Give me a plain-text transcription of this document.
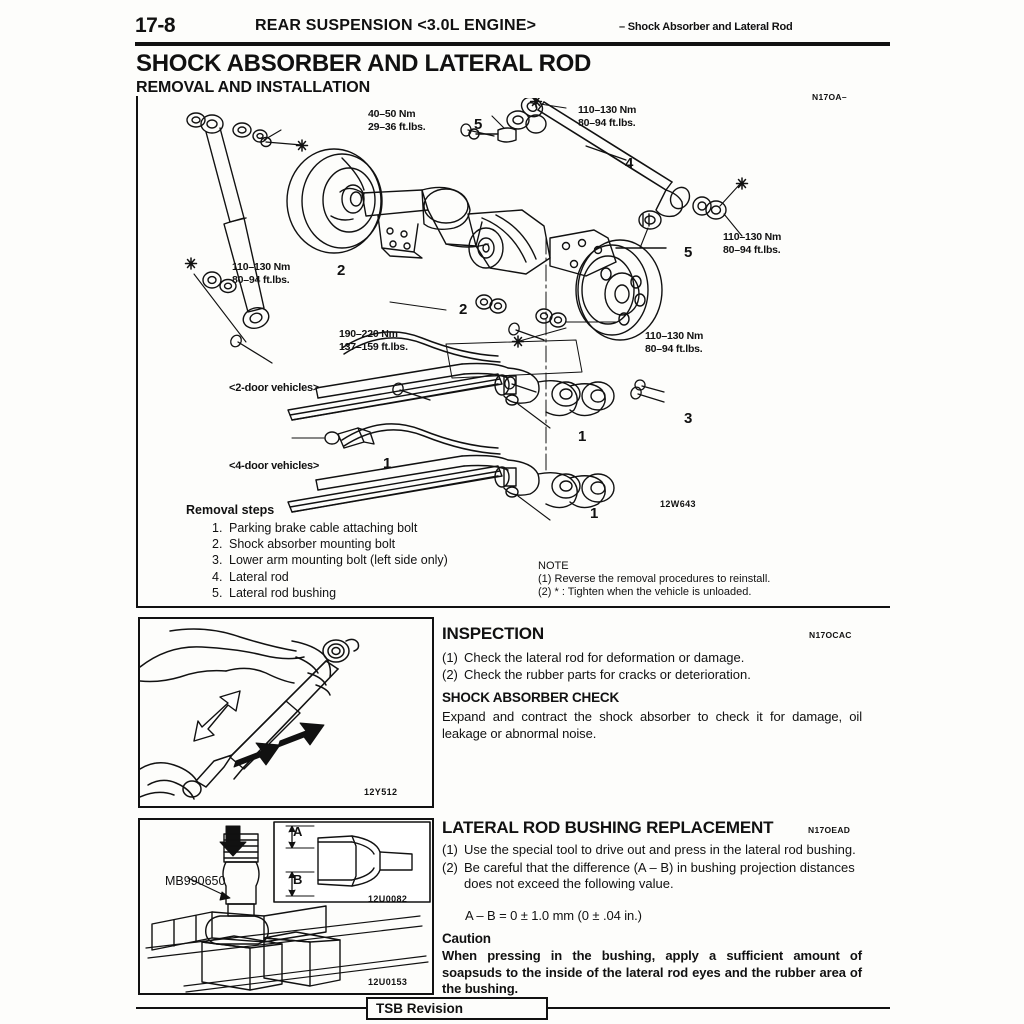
17-8	REAR SUSPENSION <3.0L ENGINE>	– Shock Absorber and Lateral Rod
SHOCK ABSORBER AND LATERAL ROD
REMOVAL AND INSTALLATION
N17OA–
40–50 Nm
29–36 ft.lbs.
110–130 Nm
80–94 ft.lbs.
110–130 Nm
80–94 ft.lbs.
110–130 Nm
80–94 ft.lbs.
190–220 Nm
137–159 ft.lbs.
110–130 Nm
80–94 ft.lbs.
5
4
5
2
2
1
1
1
3
<2-door vehicles>
<4-door vehicles>
12W643
Removal steps
1. Parking brake cable attaching bolt
2. Shock absorber mounting bolt
3. Lower arm mounting bolt (left side only)
4. Lateral rod
5. Lateral rod bushing
NOTE
(1) Reverse the removal procedures to reinstall.
(2) * : Tighten when the vehicle is unloaded.
12Y512
INSPECTION	N17OCAC
(1) Check the lateral rod for deformation or damage.
(2) Check the rubber parts for cracks or deterioration.
SHOCK ABSORBER CHECK
Expand and contract the shock absorber to check it for damage, oil leakage or abnormal noise.
A
B
MB990650
12U0082
12U0153
LATERAL ROD BUSHING REPLACEMENT	N17OEAD
(1) Use the special tool to drive out and press in the lateral rod bushing.
(2) Be careful that the difference (A – B) in bushing projection distances does not exceed the following value.
A – B = 0 ± 1.0 mm (0 ± .04 in.)
Caution
When pressing in the bushing, apply a sufficient amount of soapsuds to the inside of the lateral rod eyes and the rubber area of the bushing.
TSB Revision
